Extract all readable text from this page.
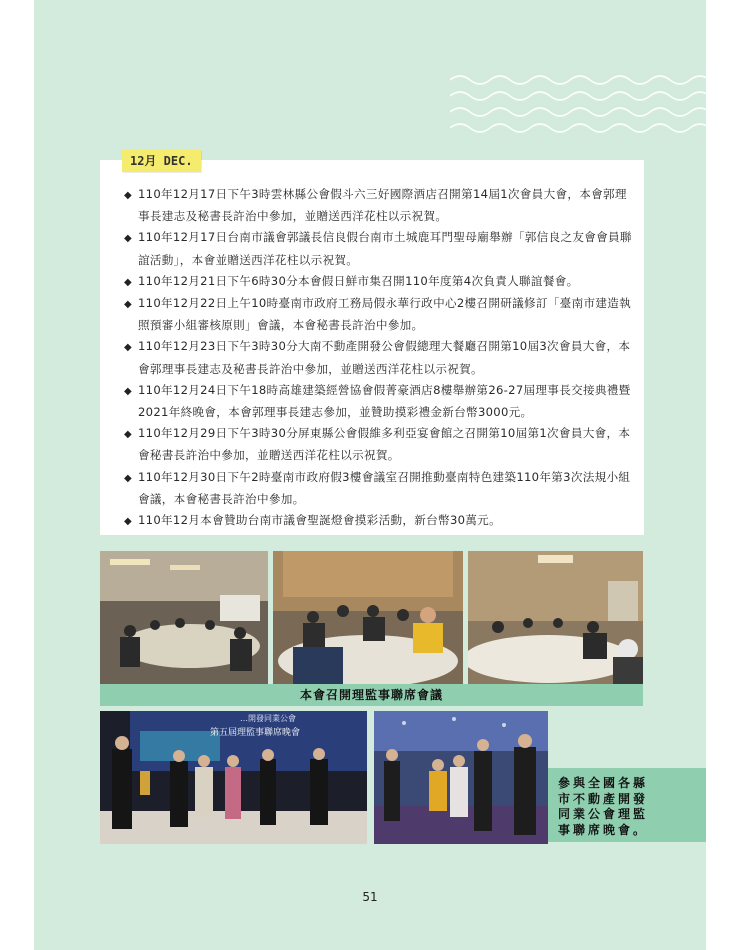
12月 DEC.
◆ 110年12月17日下午3時雲林縣公會假斗六三好國際酒店召開第14屆1次會員大會，本會郭理事長建志及秘書長許治中參加，並贈送西洋花柱以示祝賀。
◆ 110年12月17日台南市議會郭議長信良假台南市土城鹿耳門聖母廟舉辦「郭信良之友會會員聯誼活動」，本會並贈送西洋花柱以示祝賀。
◆ 110年12月21日下午6時30分本會假日鮮市集召開110年度第4次負責人聯誼餐會。
◆ 110年12月22日上午10時臺南市政府工務局假永華行政中心2樓召開研議修訂「臺南市建造執照預審小組審核原則」會議，本會秘書長許治中參加。
◆ 110年12月23日下午3時30分大南不動產開發公會假總理大餐廳召開第10屆3次會員大會，本會郭理事長建志及秘書長許治中參加，並贈送西洋花柱以示祝賀。
◆ 110年12月24日下午18時高雄建築經營協會假菁豪酒店8樓舉辦第26-27屆理事長交接典禮暨2021年終晚會，本會郭理事長建志參加，並贊助摸彩禮金新台幣3000元。
◆ 110年12月29日下午3時30分屏東縣公會假維多利亞宴會館之召開第10屆第1次會員大會，本會秘書長許治中參加，並贈送西洋花柱以示祝賀。
◆ 110年12月30日下午2時臺南市政府假3樓會議室召開推動臺南特色建築110年第3次法規小組會議，本會秘書長許治中參加。
◆ 110年12月本會贊助台南市議會聖誕燈會摸彩活動，新台幣30萬元。
本會召開理監事聯席會議
…開發同業公會
第五屆理監事聯席晚會
參與全國各縣
市不動產開發
同業公會理監
事聯席晚會。
51
